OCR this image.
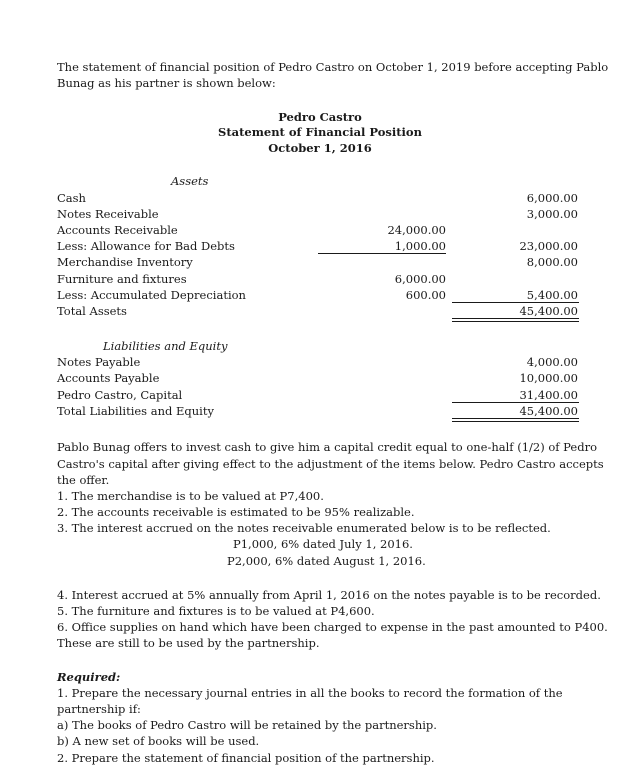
The statement of financial position of Pedro Castro on October 1, 2019 before accepting Pablo
Bunag as his partner is shown below:
Pedro Castro
Statement of Financial Position
October 1, 2016
Assets
Cash	6,000.00
Notes Receivable	3,000.00
Accounts Receivable	24,000.00
Less: Allowance for Bad Debts	1,000.00	23,000.00
Merchandise Inventory	8,000.00
Furniture and fixtures	6,000.00
Less: Accumulated Depreciation	600.00	5,400.00
Total Assets	45,400.00
Liabilities and Equity
Notes Payable	4,000.00
Accounts Payable	10,000.00
Pedro Castro, Capital	31,400.00
Total Liabilities and Equity	45,400.00
Pablo Bunag offers to invest cash to give him a capital credit equal to one-half (1/2) of Pedro
Castro's capital after giving effect to the adjustment of the items below. Pedro Castro accepts
the offer.
1. The merchandise is to be valued at P7,400.
2. The accounts receivable is estimated to be 95% realizable.
3. The interest accrued on the notes receivable enumerated below is to be reflected.
P1,000, 6% dated July 1, 2016.
P2,000, 6% dated August 1, 2016.
4. Interest accrued at 5% annually from April 1, 2016 on the notes payable is to be recorded.
5. The furniture and fixtures is to be valued at P4,600.
6. Office supplies on hand which have been charged to expense in the past amounted to P400.
These are still to be used by the partnership.
Required:
1. Prepare the necessary journal entries in all the books to record the formation of the
partnership if:
a) The books of Pedro Castro will be retained by the partnership.
b) A new set of books will be used.
2. Prepare the statement of financial position of the partnership.
